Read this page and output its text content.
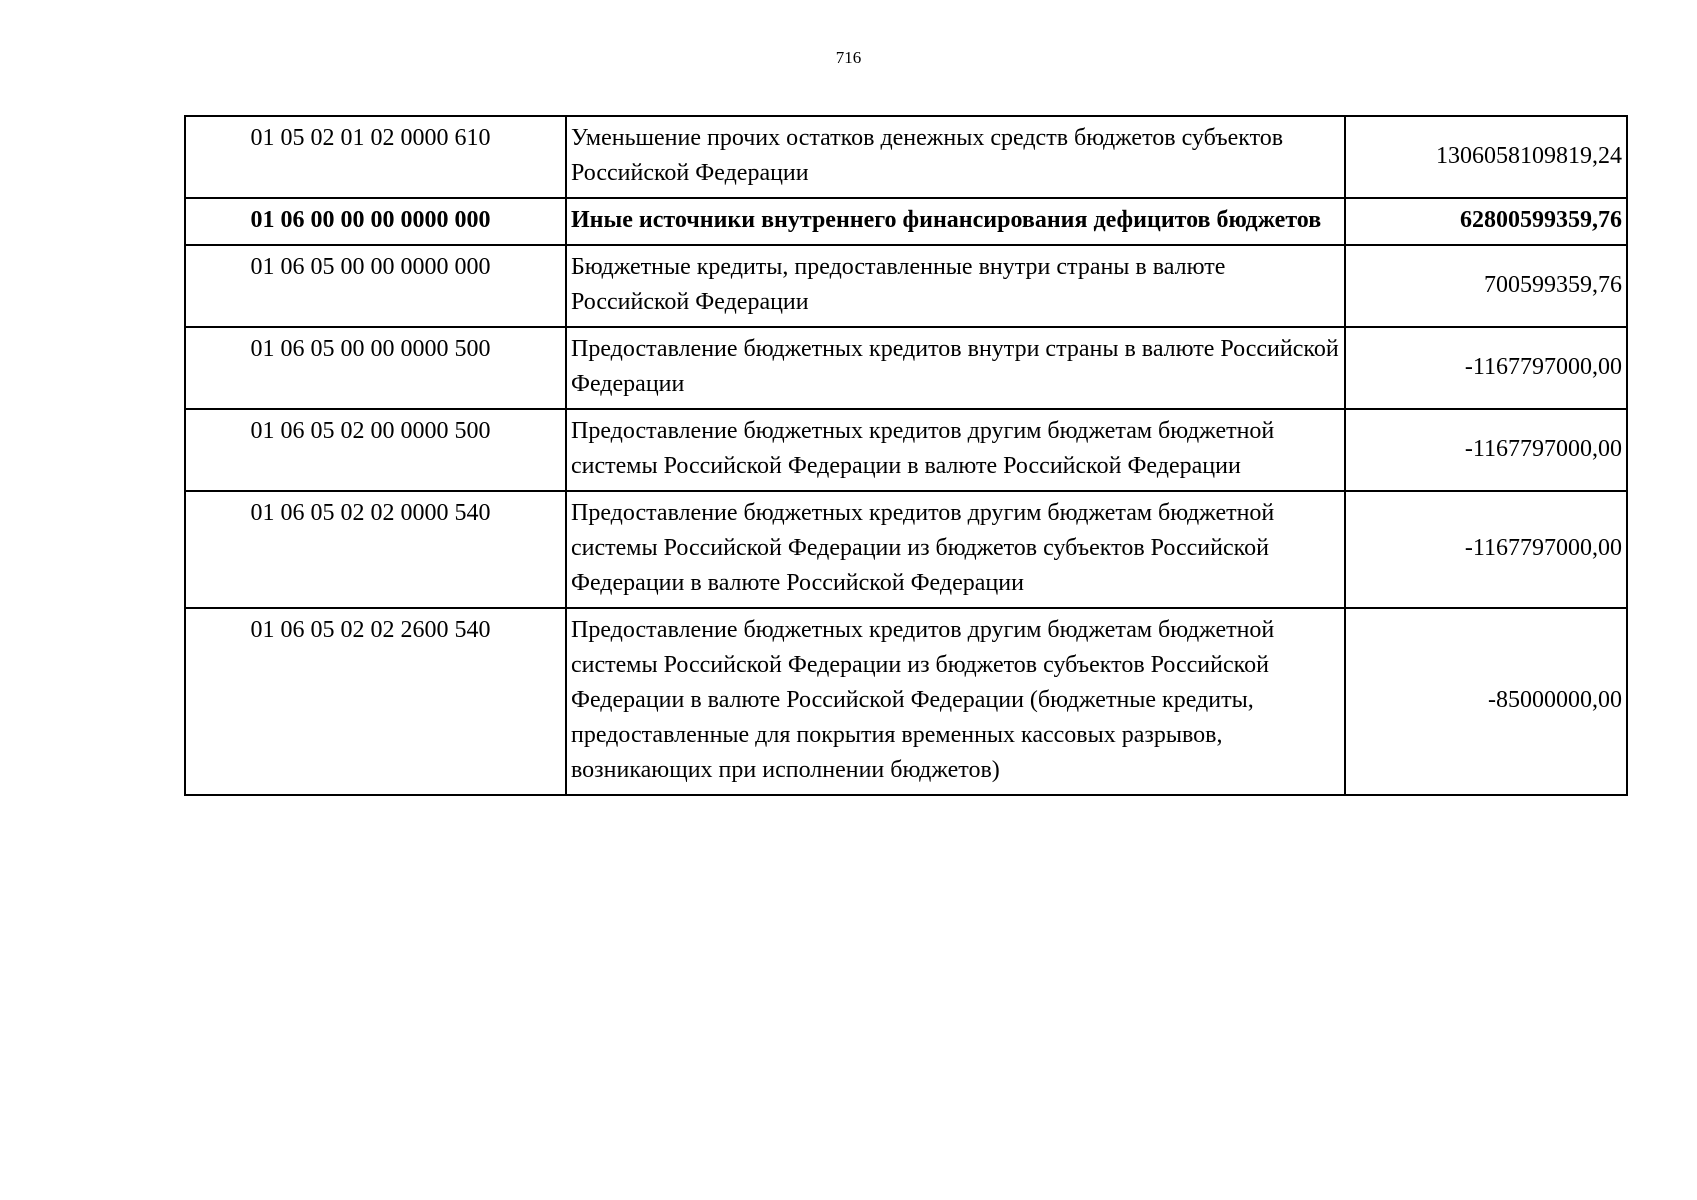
716
01 05 02 01 02 0000 610	Уменьшение прочих остатков денежных средств бюджетов субъектов Российской Федерации	1306058109819,24
01 06 00 00 00 0000 000	Иные источники внутреннего финансирования дефицитов бюджетов	62800599359,76
01 06 05 00 00 0000 000	Бюджетные кредиты, предоставленные внутри страны в валюте Российской Федерации	700599359,76
01 06 05 00 00 0000 500	Предоставление бюджетных кредитов внутри страны в валюте Российской Федерации	-1167797000,00
01 06 05 02 00 0000 500	Предоставление бюджетных кредитов другим бюджетам бюджетной системы Российской Федерации в валюте Российской Федерации	-1167797000,00
01 06 05 02 02 0000 540	Предоставление бюджетных кредитов другим бюджетам бюджетной системы Российской Федерации из бюджетов субъектов Российской Федерации в валюте Российской Федерации	-1167797000,00
01 06 05 02 02 2600 540	Предоставление бюджетных кредитов другим бюджетам бюджетной системы Российской Федерации из бюджетов субъектов Российской Федерации в валюте Российской Федерации (бюджетные кредиты, предоставленные для покрытия временных кассовых разрывов, возникающих при исполнении бюджетов)	-85000000,00
